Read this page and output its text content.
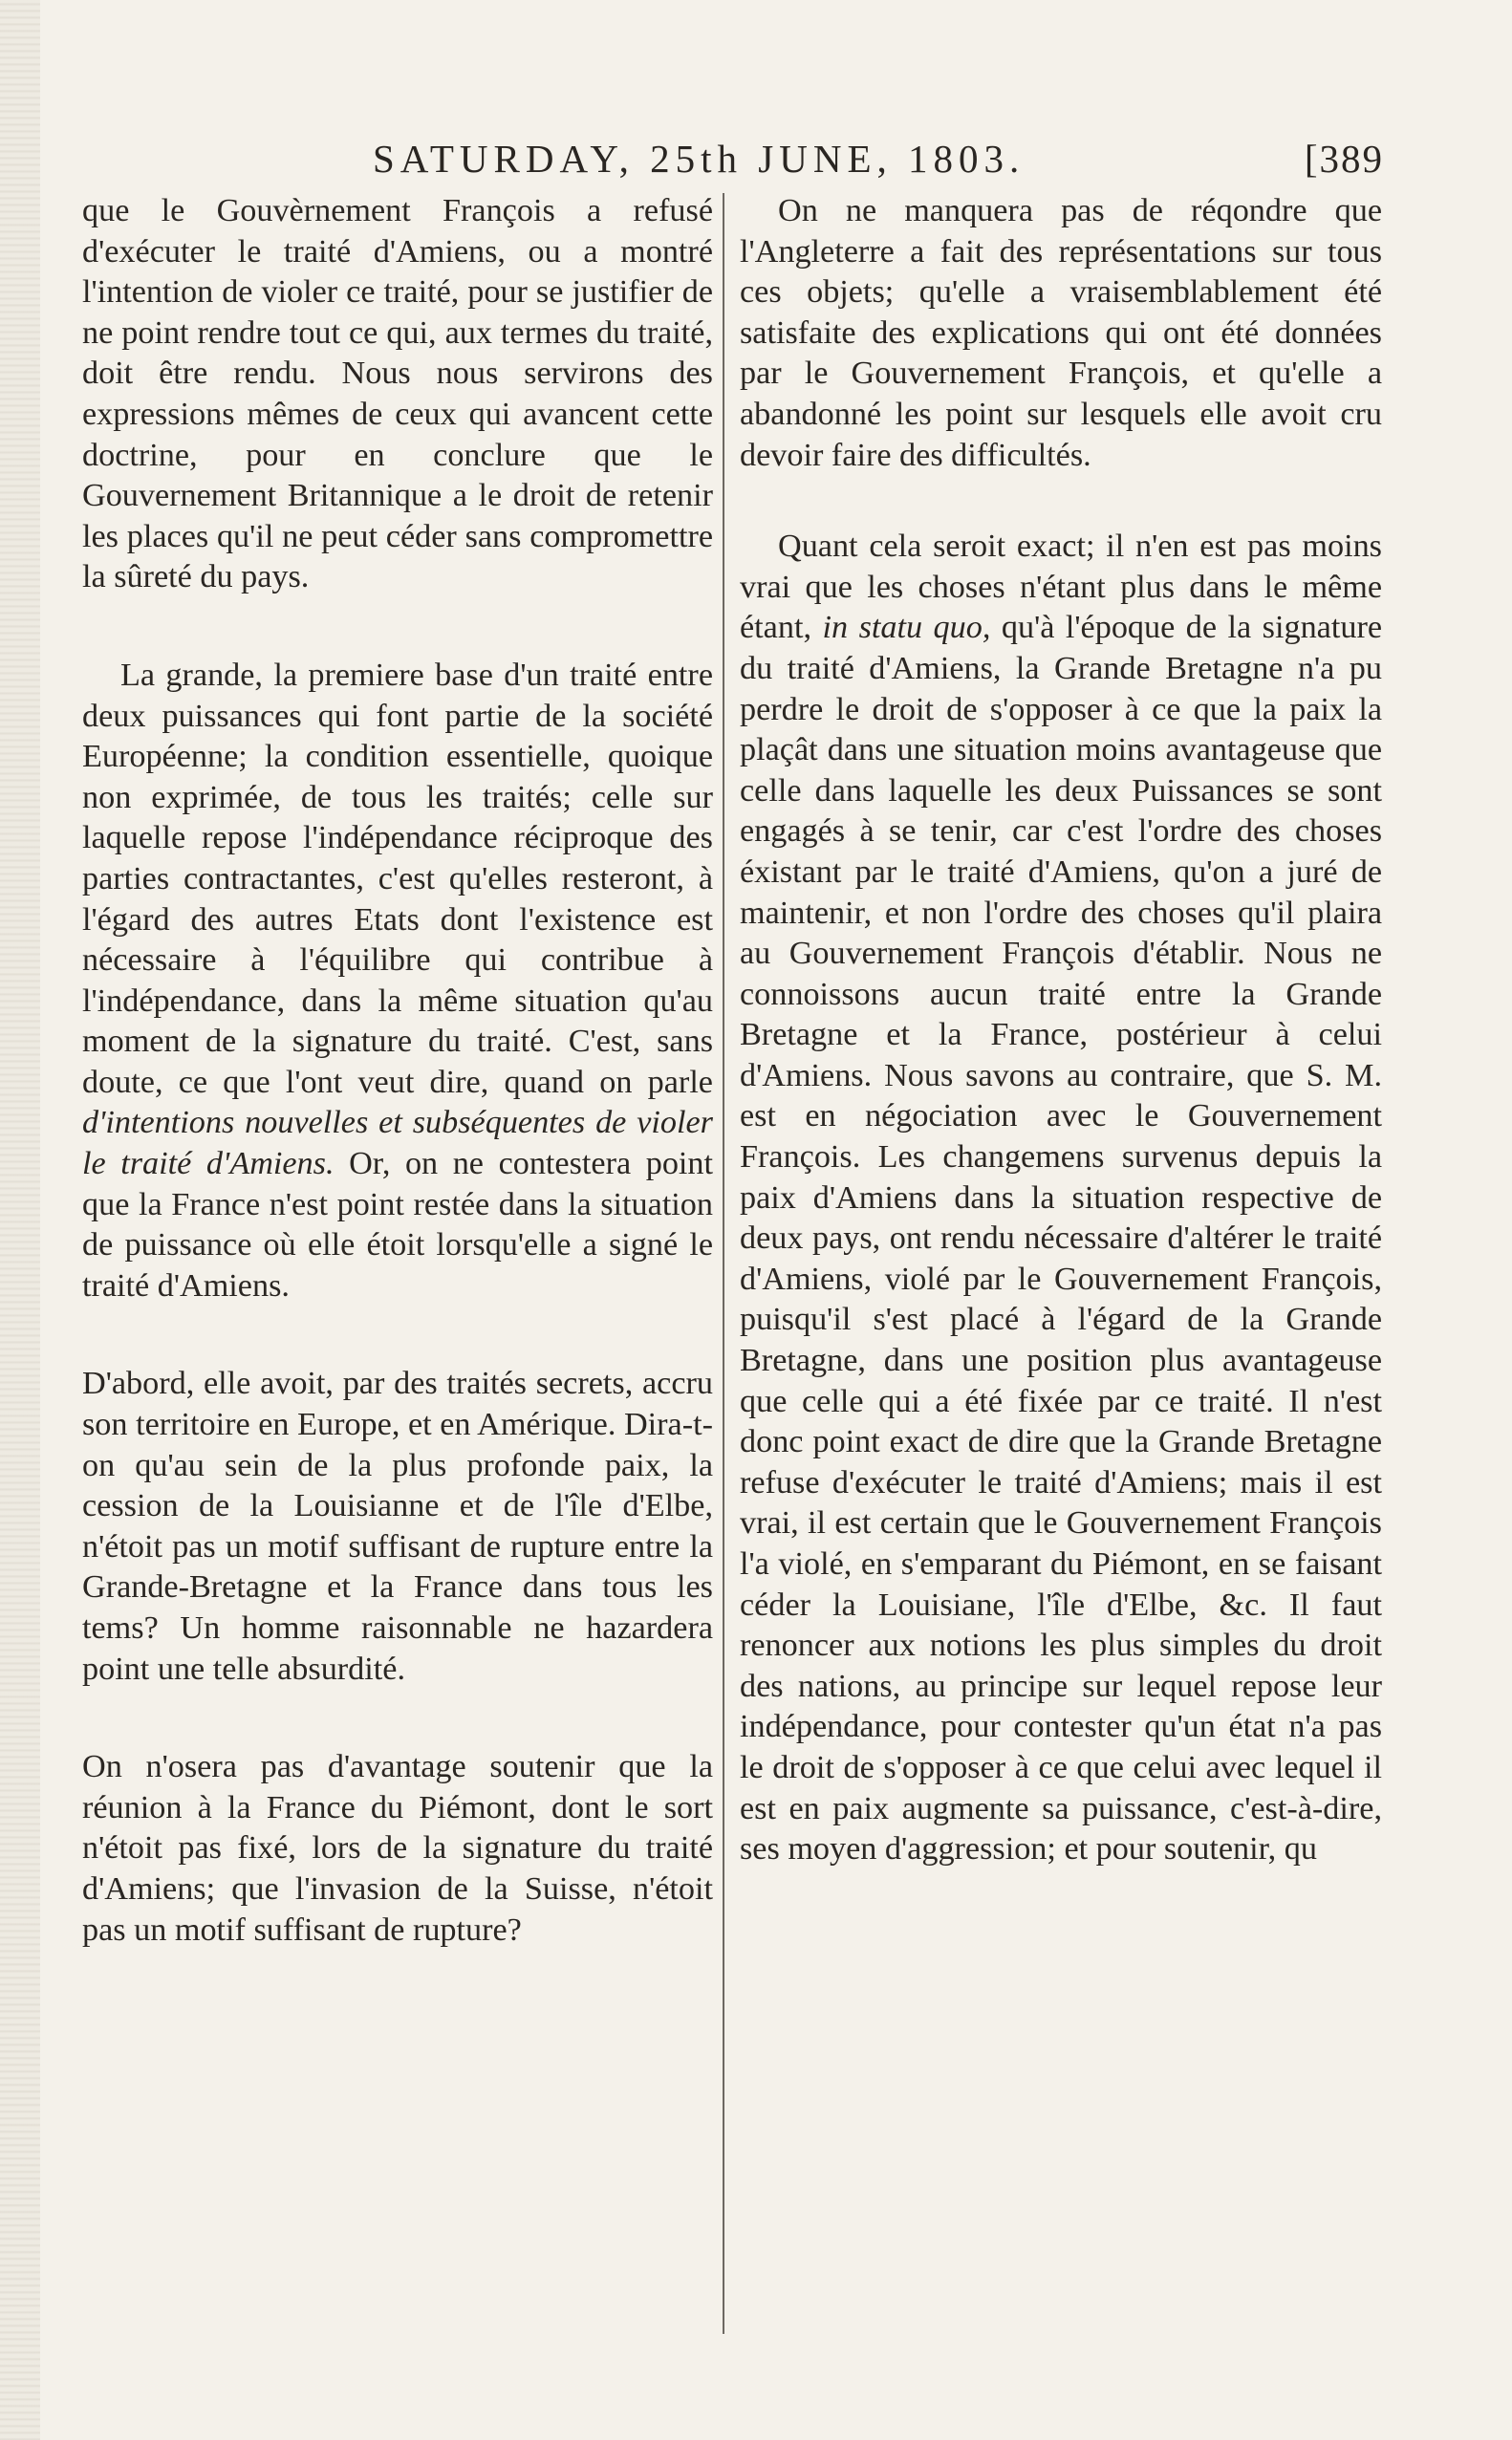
SATURDAY, 25th JUNE, 1803.	[389

que le Gouvèrnement François a refusé d'exécuter le traité d'Amiens, ou a montré l'intention de violer ce traité, pour se justifier de ne point rendre tout ce qui, aux termes du traité, doit être rendu. Nous nous servirons des expressions mêmes de ceux qui avancent cette doctrine, pour en conclure que le Gouvernement Britannique a le droit de retenir les places qu'il ne peut céder sans compromettre la sûreté du pays.

La grande, la premiere base d'un traité entre deux puissances qui font partie de la société Européenne; la condition essentielle, quoique non exprimée, de tous les traités; celle sur laquelle repose l'indépendance réciproque des parties contractantes, c'est qu'elles resteront, à l'égard des autres Etats dont l'existence est nécessaire à l'équilibre qui contribue à l'indépendance, dans la même situation qu'au moment de la signature du traité. C'est, sans doute, ce que l'ont veut dire, quand on parle d'intentions nouvelles et subséquentes de violer le traité d'Amiens. Or, on ne contestera point que la France n'est point restée dans la situation de puissance où elle étoit lorsqu'elle a signé le traité d'Amiens.

D'abord, elle avoit, par des traités secrets, accru son territoire en Europe, et en Amérique. Dira-t-on qu'au sein de la plus profonde paix, la cession de la Louisianne et de l'île d'Elbe, n'étoit pas un motif suffisant de rupture entre la Grande-Bretagne et la France dans tous les tems? Un homme raisonnable ne hazardera point une telle absurdité.

On n'osera pas d'avantage soutenir que la réunion à la France du Piémont, dont le sort n'étoit pas fixé, lors de la signature du traité d'Amiens; que l'invasion de la Suisse, n'étoit pas un motif suffisant de rupture?

On ne manquera pas de réqondre que l'Angleterre a fait des représentations sur tous ces objets; qu'elle a vraisemblablement été satisfaite des explications qui ont été données par le Gouvernement François, et qu'elle a abandonné les point sur lesquels elle avoit cru devoir faire des difficultés.

Quant cela seroit exact; il n'en est pas moins vrai que les choses n'étant plus dans le même étant, in statu quo, qu'à l'époque de la signature du traité d'Amiens, la Grande Bretagne n'a pu perdre le droit de s'opposer à ce que la paix la plaçât dans une situation moins avantageuse que celle dans laquelle les deux Puissances se sont engagés à se tenir, car c'est l'ordre des choses éxistant par le traité d'Amiens, qu'on a juré de maintenir, et non l'ordre des choses qu'il plaira au Gouvernement François d'établir. Nous ne connoissons aucun traité entre la Grande Bretagne et la France, postérieur à celui d'Amiens. Nous savons au contraire, que S. M. est en négociation avec le Gouvernement François. Les changemens survenus depuis la paix d'Amiens dans la situation respective de deux pays, ont rendu nécessaire d'altérer le traité d'Amiens, violé par le Gouvernement François, puisqu'il s'est placé à l'égard de la Grande Bretagne, dans une position plus avantageuse que celle qui a été fixée par ce traité. Il n'est donc point exact de dire que la Grande Bretagne refuse d'exécuter le traité d'Amiens; mais il est vrai, il est certain que le Gouvernement François l'a violé, en s'emparant du Piémont, en se faisant céder la Louisiane, l'île d'Elbe, &c. Il faut renoncer aux notions les plus simples du droit des nations, au principe sur lequel repose leur indépendance, pour contester qu'un état n'a pas le droit de s'opposer à ce que celui avec lequel il est en paix augmente sa puissance, c'est-à-dire, ses moyen d'aggression; et pour soutenir, qu
